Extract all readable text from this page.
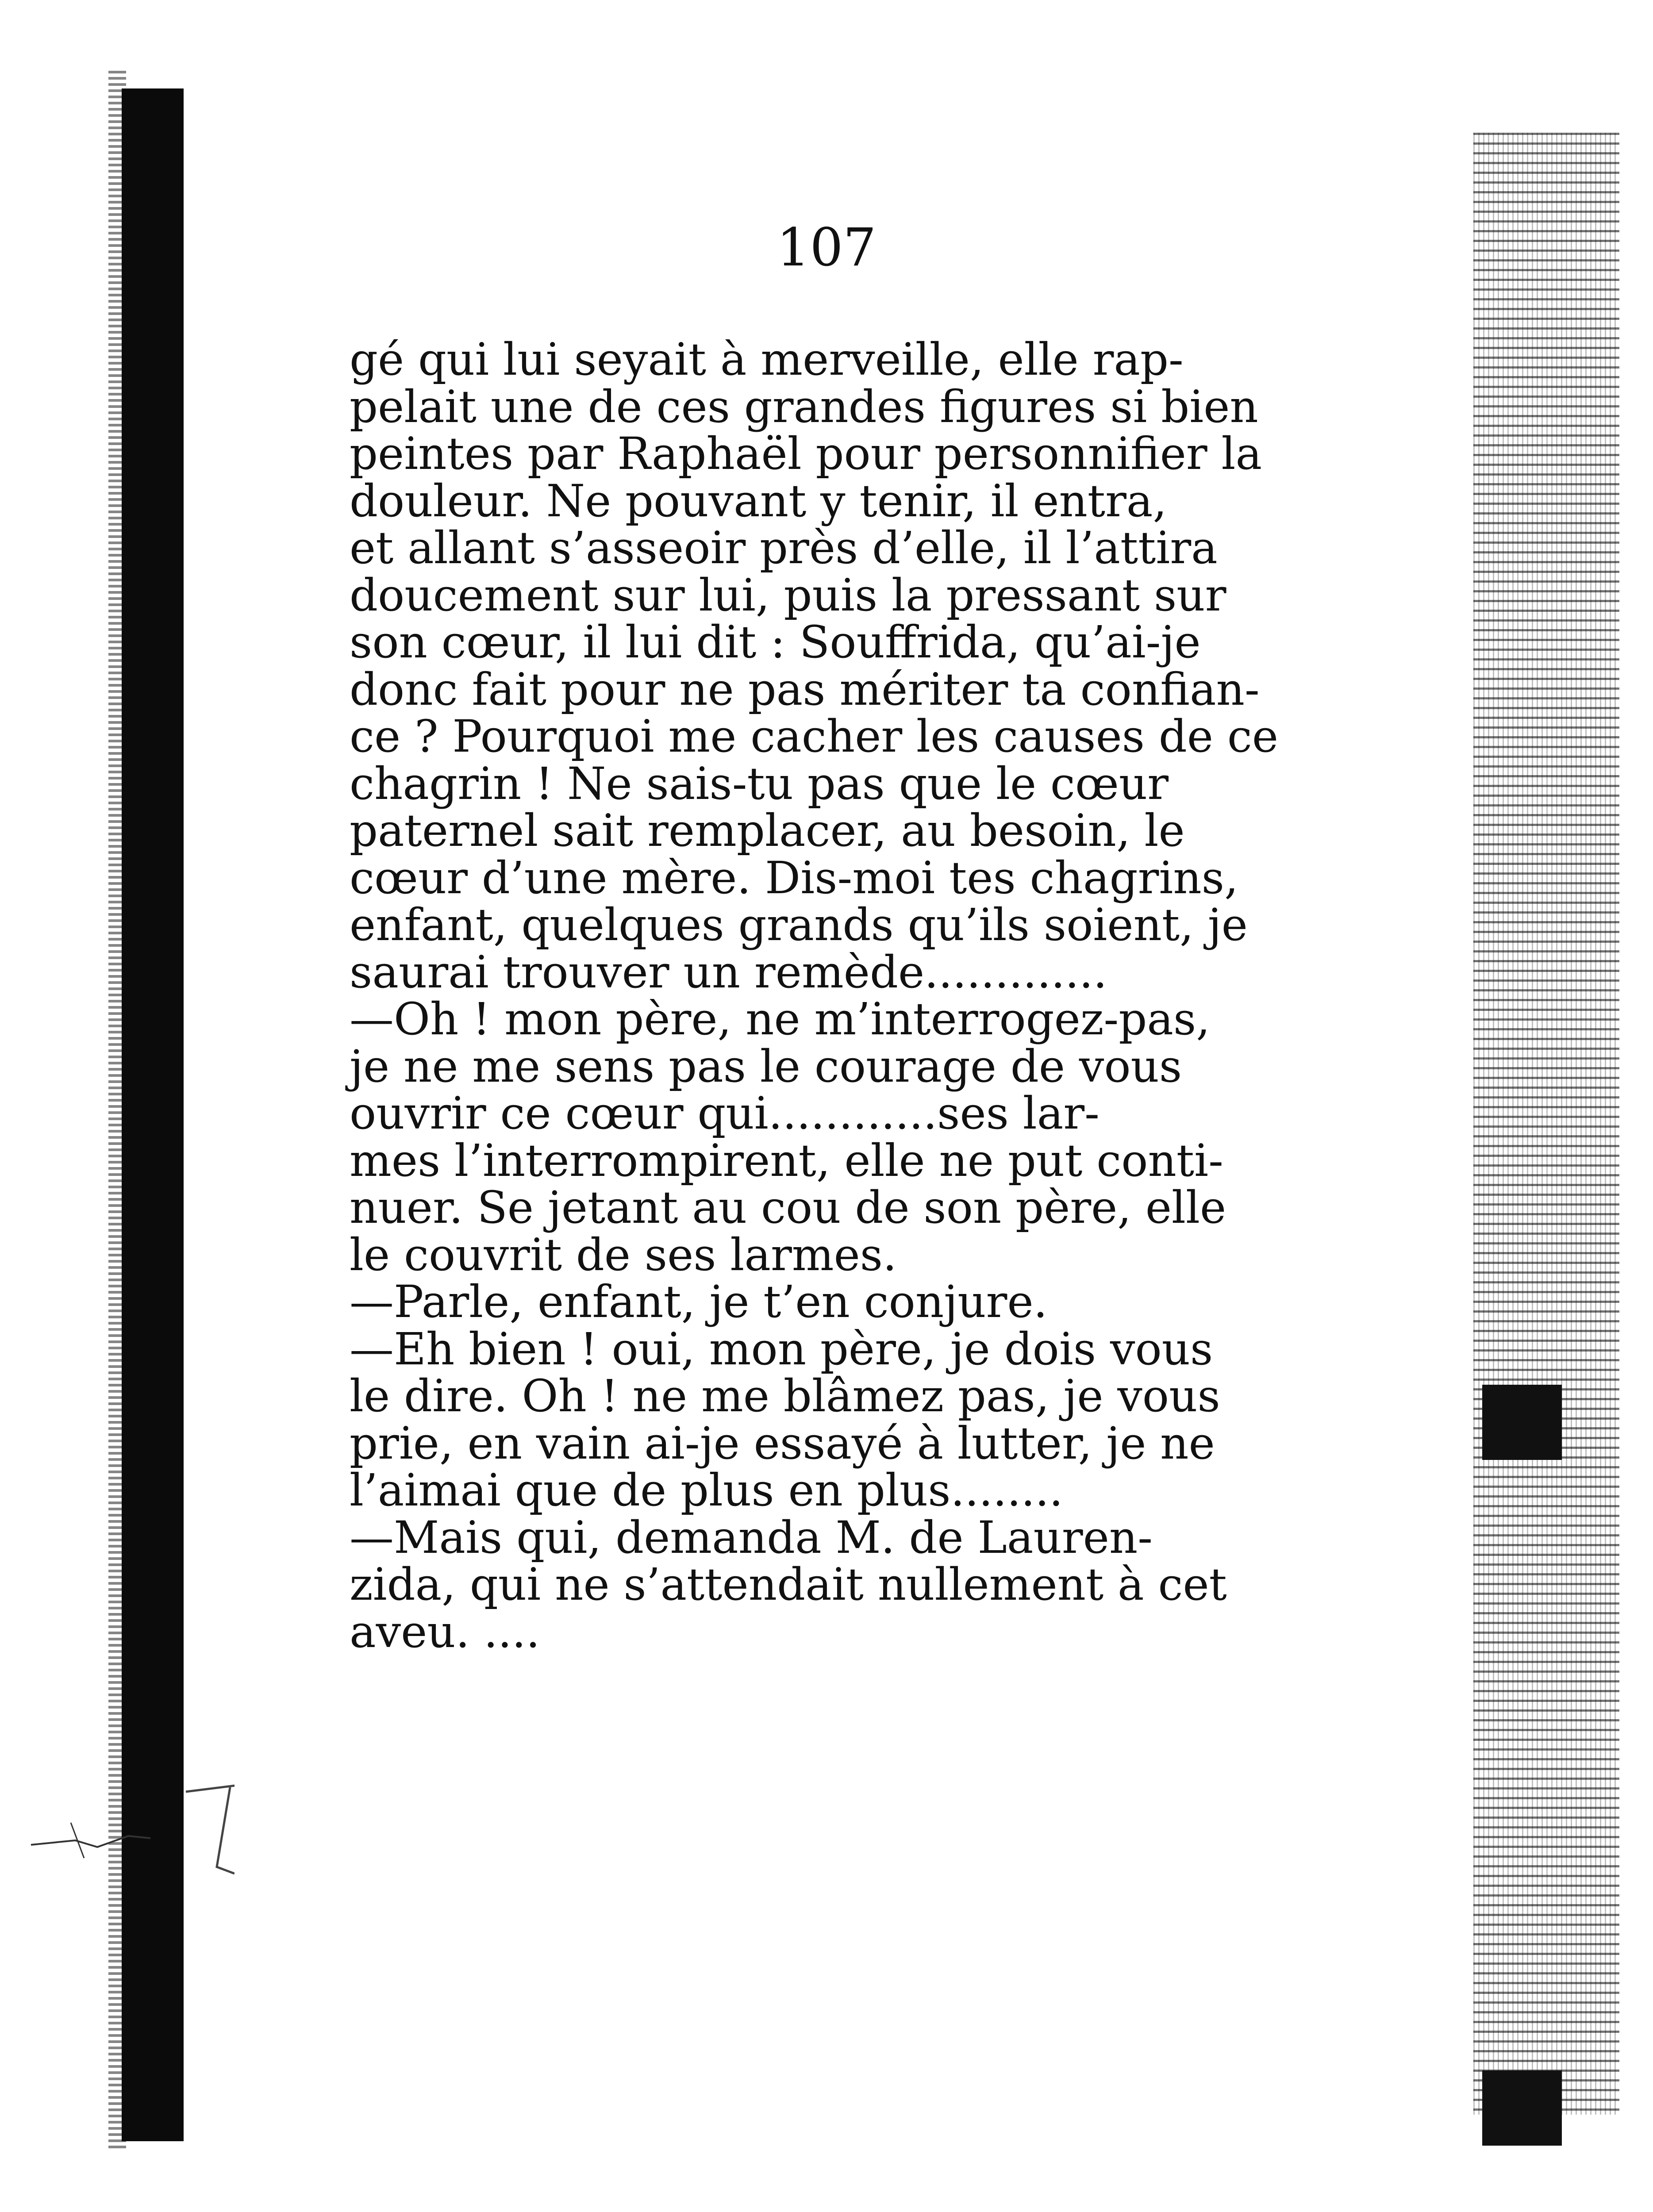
107
gé qui lui seyait à merveille, elle rap-
pelait une de ces grandes figures si bien
peintes par Raphaël pour personnifier la
douleur. Ne pouvant y tenir, il entra,
et allant s’asseoir près d’elle, il l’attira
doucement sur lui, puis la pressant sur
son cœur, il lui dit : Souffrida, qu’ai-je
donc fait pour ne pas mériter ta confian-
ce ? Pourquoi me cacher les causes de ce
chagrin ! Ne sais-tu pas que le cœur
paternel sait remplacer, au besoin, le
cœur d’une mère. Dis-moi tes chagrins,
enfant, quelques grands qu’ils soient, je
saurai trouver un remède.............
—Oh ! mon père, ne m’interrogez-pas,
je ne me sens pas le courage de vous
ouvrir ce cœur qui............ses lar-
mes l’interrompirent, elle ne put conti-
nuer. Se jetant au cou de son père, elle
le couvrit de ses larmes.
—Parle, enfant, je t’en conjure.
—Eh bien ! oui, mon père, je dois vous
le dire. Oh ! ne me blâmez pas, je vous
prie, en vain ai-je essayé à lutter, je ne
l’aimai que de plus en plus........
—Mais qui, demanda M. de Lauren-
zida, qui ne s’attendait nullement à cet
aveu. ....
